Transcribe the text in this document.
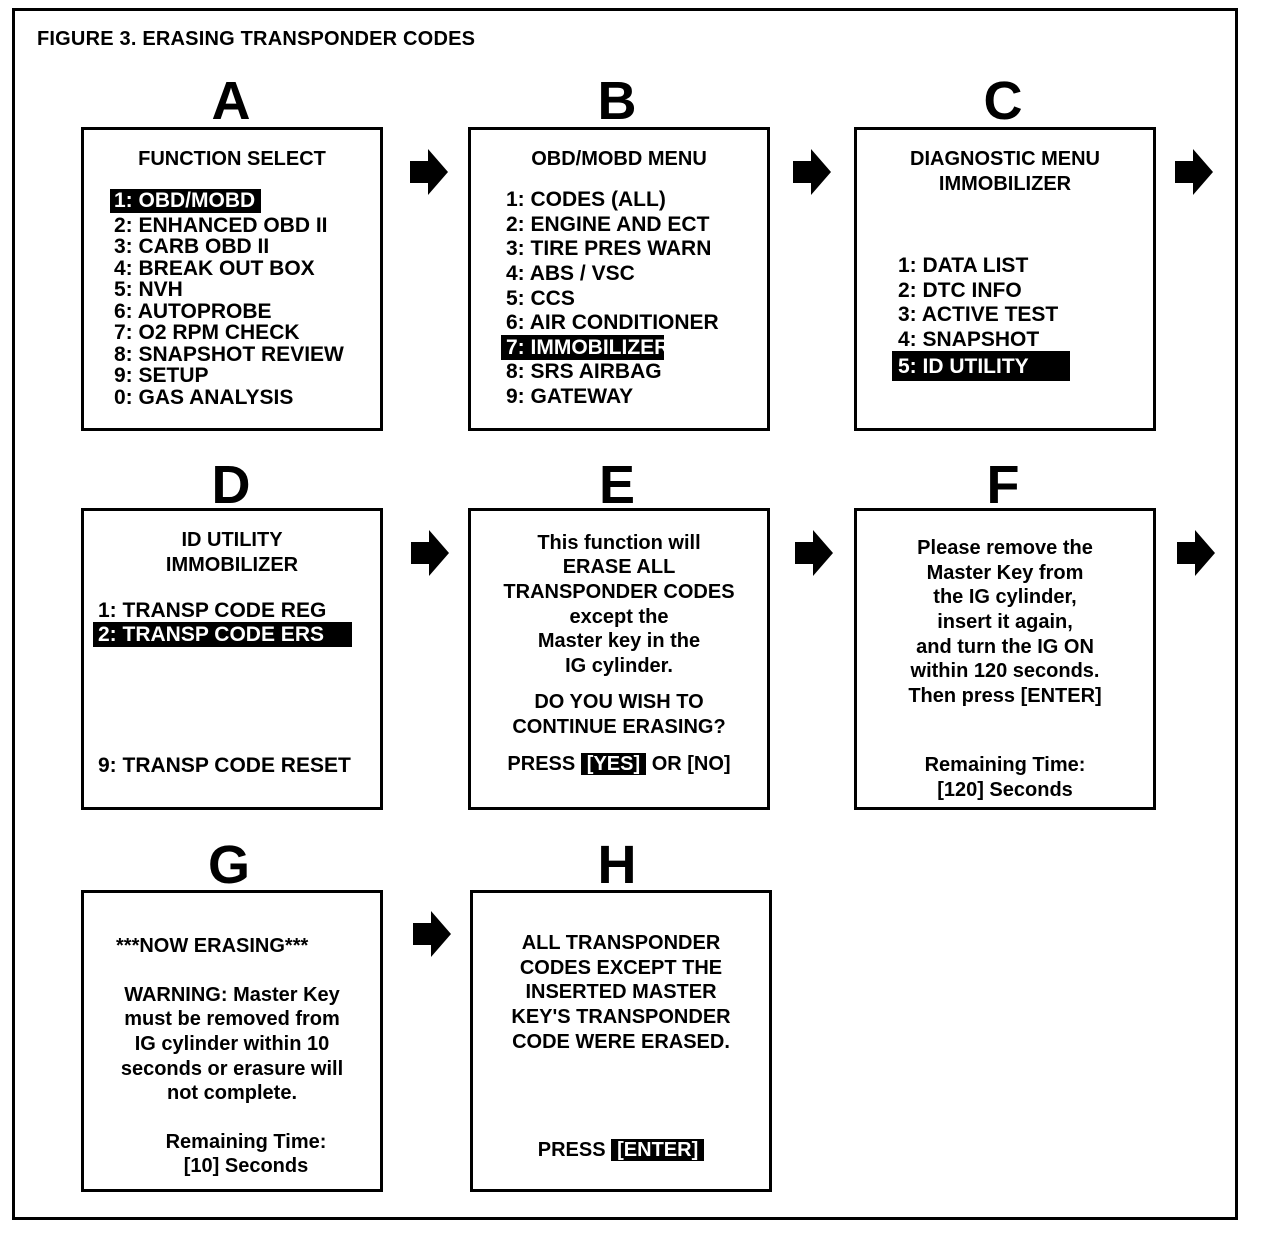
FIGURE 3. ERASING TRANSPONDER CODES
A	B	C
D	E	F
G	H
FUNCTION SELECT
1: OBD/MOBD
2: ENHANCED OBD II
3: CARB OBD II
4: BREAK OUT BOX
5: NVH
6: AUTOPROBE
7: O2 RPM CHECK
8: SNAPSHOT REVIEW
9: SETUP
0: GAS ANALYSIS
OBD/MOBD MENU
1: CODES (ALL)
2: ENGINE AND ECT
3: TIRE PRES WARN
4: ABS / VSC
5: CCS
6: AIR CONDITIONER
7: IMMOBILIZER
8: SRS AIRBAG
9: GATEWAY
DIAGNOSTIC MENU
IMMOBILIZER
1: DATA LIST
2: DTC INFO
3: ACTIVE TEST
4: SNAPSHOT
5: ID UTILITY
ID UTILITY
IMMOBILIZER
1: TRANSP CODE REG
2: TRANSP CODE ERS
9: TRANSP CODE RESET
This function will
ERASE ALL
TRANSPONDER CODES
except the
Master key in the
IG cylinder.
DO YOU WISH TO
CONTINUE ERASING?
PRESS [YES] OR [NO]
Please remove the
Master Key from
the IG cylinder,
insert it again,
and turn the IG ON
within 120 seconds.
Then press [ENTER]
Remaining Time:
[120] Seconds
***NOW ERASING***
WARNING: Master Key
must be removed from
IG cylinder within 10
seconds or erasure will
not complete.
Remaining Time:
[10] Seconds
ALL TRANSPONDER
CODES EXCEPT THE
INSERTED MASTER
KEY'S TRANSPONDER
CODE WERE ERASED.
PRESS [ENTER]
